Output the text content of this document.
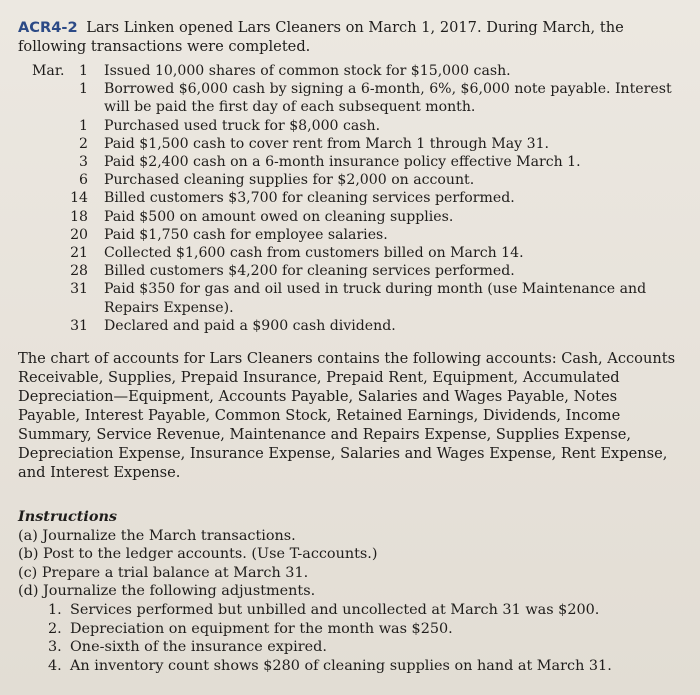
ACR4-2 Lars Linken opened Lars Cleaners on March 1, 2017. During March, the following transactions were completed.
Mar.	1 Issued 10,000 shares of common stock for $15,000 cash.
1 Borrowed $6,000 cash by signing a 6-month, 6%, $6,000 note payable. Interest will be paid the first day of each subsequent month.
1 Purchased used truck for $8,000 cash.
2 Paid $1,500 cash to cover rent from March 1 through May 31.
3 Paid $2,400 cash on a 6-month insurance policy effective March 1.
6 Purchased cleaning supplies for $2,000 on account.
14 Billed customers $3,700 for cleaning services performed.
18 Paid $500 on amount owed on cleaning supplies.
20 Paid $1,750 cash for employee salaries.
21 Collected $1,600 cash from customers billed on March 14.
28 Billed customers $4,200 for cleaning services performed.
31 Paid $350 for gas and oil used in truck during month (use Maintenance and Repairs Expense).
31 Declared and paid a $900 cash dividend.

The chart of accounts for Lars Cleaners contains the following accounts: Cash, Accounts Receivable, Supplies, Prepaid Insurance, Prepaid Rent, Equipment, Accumulated Depreciation—Equipment, Accounts Payable, Salaries and Wages Payable, Notes Payable, Interest Payable, Common Stock, Retained Earnings, Dividends, Income Summary, Service Revenue, Maintenance and Repairs Expense, Supplies Expense, Depreciation Expense, Insurance Expense, Salaries and Wages Expense, Rent Expense, and Interest Expense.

Instructions
(a) Journalize the March transactions.
(b) Post to the ledger accounts. (Use T-accounts.)
(c) Prepare a trial balance at March 31.
(d) Journalize the following adjustments.
1. Services performed but unbilled and uncollected at March 31 was $200.
2. Depreciation on equipment for the month was $250.
3. One-sixth of the insurance expired.
4. An inventory count shows $280 of cleaning supplies on hand at March 31.
